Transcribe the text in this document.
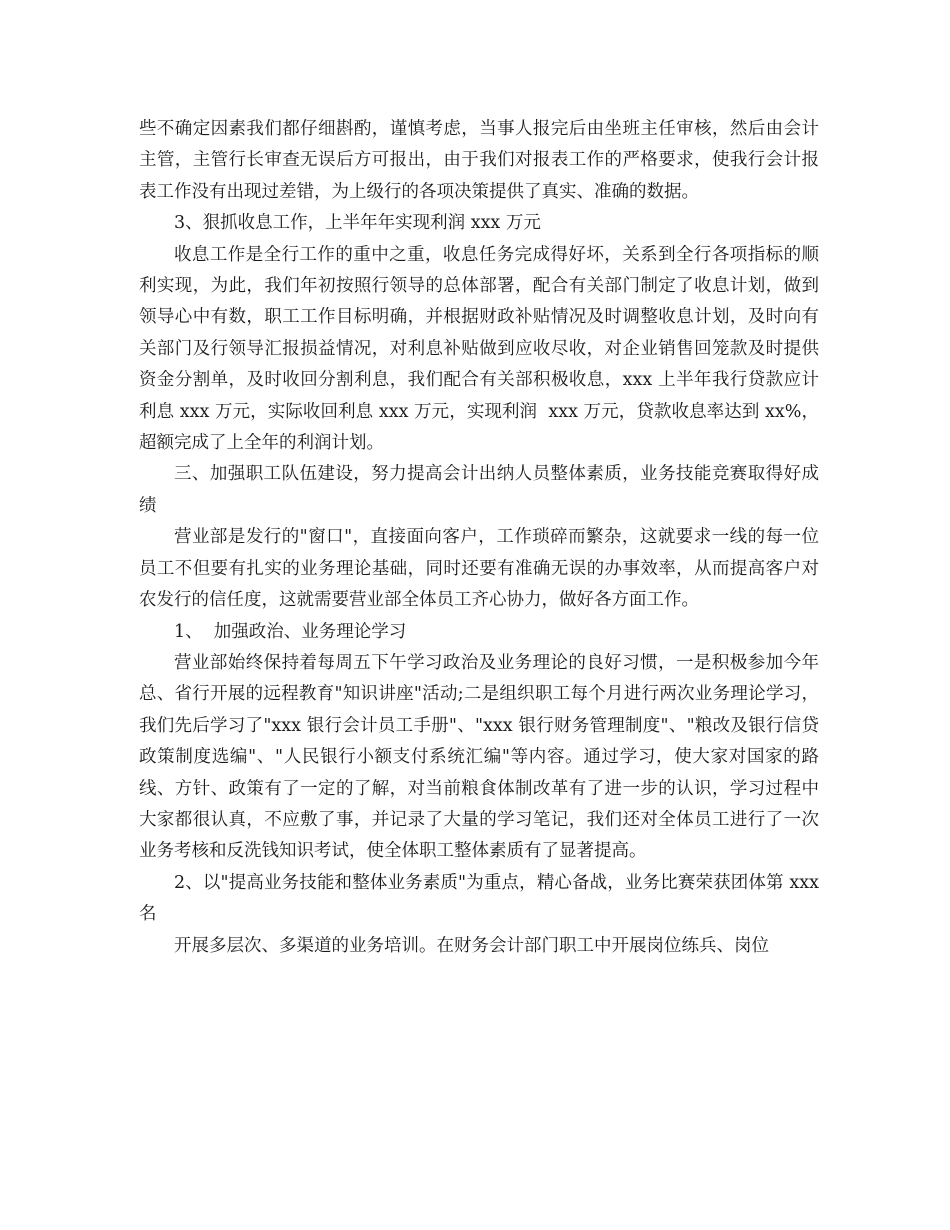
些不确定因素我们都仔细斟酌，谨慎考虑，当事人报完后由坐班主任审核，然后由会计主管，主管行长审查无误后方可报出，由于我们对报表工作的严格要求，使我行会计报表工作没有出现过差错，为上级行的各项决策提供了真实、准确的数据。

3、狠抓收息工作，上半年年实现利润 xxx 万元

收息工作是全行工作的重中之重，收息任务完成得好坏，关系到全行各项指标的顺利实现，为此，我们年初按照行领导的总体部署，配合有关部门制定了收息计划，做到领导心中有数，职工工作目标明确，并根据财政补贴情况及时调整收息计划，及时向有关部门及行领导汇报损益情况，对利息补贴做到应收尽收，对企业销售回笼款及时提供资金分割单，及时收回分割利息，我们配合有关部积极收息，xxx 上半年我行贷款应计利息 xxx 万元，实际收回利息 xxx 万元，实现利润  xxx 万元，贷款收息率达到 xx%，超额完成了上全年的利润计划。

三、加强职工队伍建设，努力提高会计出纳人员整体素质，业务技能竞赛取得好成绩

营业部是发行的"窗口"，直接面向客户，工作琐碎而繁杂，这就要求一线的每一位员工不但要有扎实的业务理论基础，同时还要有准确无误的办事效率，从而提高客户对农发行的信任度，这就需要营业部全体员工齐心协力，做好各方面工作。

1、  加强政治、业务理论学习

营业部始终保持着每周五下午学习政治及业务理论的良好习惯，一是积极参加今年总、省行开展的远程教育"知识讲座"活动;二是组织职工每个月进行两次业务理论学习，我们先后学习了"xxx 银行会计员工手册"、"xxx 银行财务管理制度"、"粮改及银行信贷政策制度选编"、"人民银行小额支付系统汇编"等内容。通过学习，使大家对国家的路线、方针、政策有了一定的了解，对当前粮食体制改革有了进一步的认识，学习过程中大家都很认真，不应敷了事，并记录了大量的学习笔记，我们还对全体员工进行了一次业务考核和反洗钱知识考试，使全体职工整体素质有了显著提高。

2、以"提高业务技能和整体业务素质"为重点，精心备战，业务比赛荣获团体第 xxx 名

开展多层次、多渠道的业务培训。在财务会计部门职工中开展岗位练兵、岗位
